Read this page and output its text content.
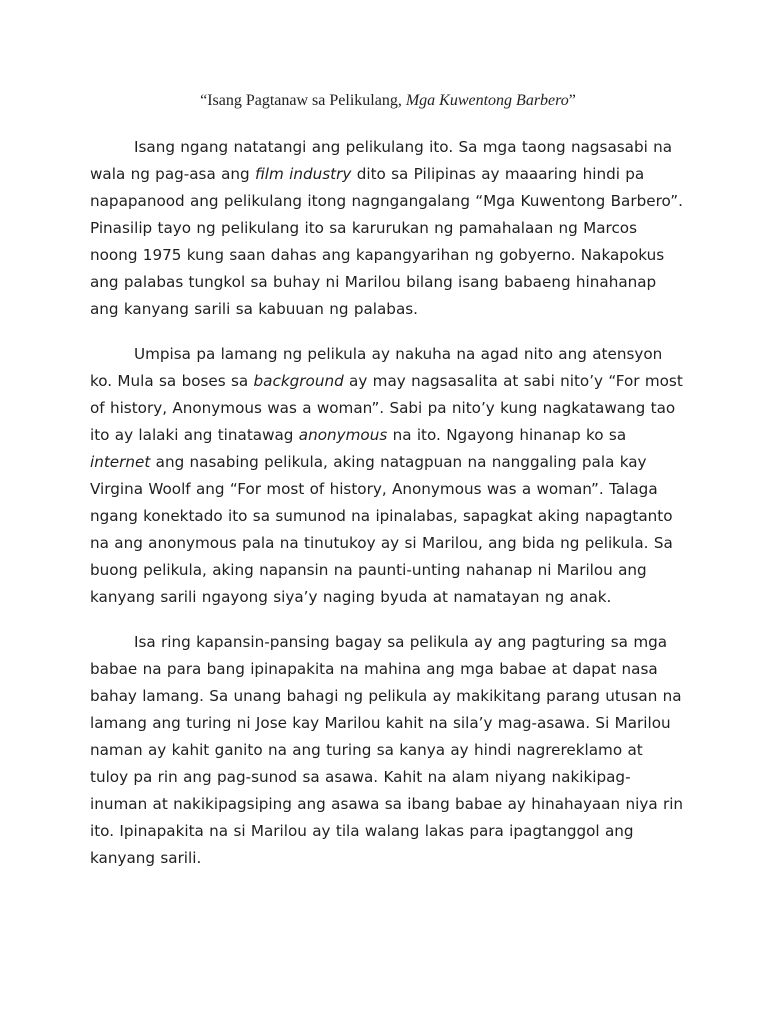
“Isang Pagtanaw sa Pelikulang, Mga Kuwentong Barbero”

Isang ngang natatangi ang pelikulang ito. Sa mga taong nagsasabi na wala ng pag-asa ang film industry dito sa Pilipinas ay maaaring hindi pa napapanood ang pelikulang itong nagngangalang “Mga Kuwentong Barbero”. Pinasilip tayo ng pelikulang ito sa karurukan ng pamahalaan ng Marcos noong 1975 kung saan dahas ang kapangyarihan ng gobyerno. Nakapokus ang palabas tungkol sa buhay ni Marilou bilang isang babaeng hinahanap ang kanyang sarili sa kabuuan ng palabas.

Umpisa pa lamang ng pelikula ay nakuha na agad nito ang atensyon ko. Mula sa boses sa background ay may nagsasalita at sabi nito’y “For most of history, Anonymous was a woman”. Sabi pa nito’y kung nagkatawang tao ito ay lalaki ang tinatawag anonymous na ito. Ngayong hinanap ko sa internet ang nasabing pelikula, aking natagpuan na nanggaling pala kay Virgina Woolf ang “For most of history, Anonymous was a woman”. Talaga ngang konektado ito sa sumunod na ipinalabas, sapagkat aking napagtanto na ang anonymous pala na tinutukoy ay si Marilou, ang bida ng pelikula. Sa buong pelikula, aking napansin na paunti-unting nahanap ni Marilou ang kanyang sarili ngayong siya’y naging byuda at namatayan ng anak.

Isa ring kapansin-pansing bagay sa pelikula ay ang pagturing sa mga babae na para bang ipinapakita na mahina ang mga babae at dapat nasa bahay lamang. Sa unang bahagi ng pelikula ay makikitang parang utusan na lamang ang turing ni Jose kay Marilou kahit na sila’y mag-asawa. Si Marilou naman ay kahit ganito na ang turing sa kanya ay hindi nagrereklamo at tuloy pa rin ang pag-sunod sa asawa. Kahit na alam niyang nakikipag-inuman at nakikipagsiping ang asawa sa ibang babae ay hinahayaan niya rin ito. Ipinapakita na si Marilou ay tila walang lakas para ipagtanggol ang kanyang sarili.
